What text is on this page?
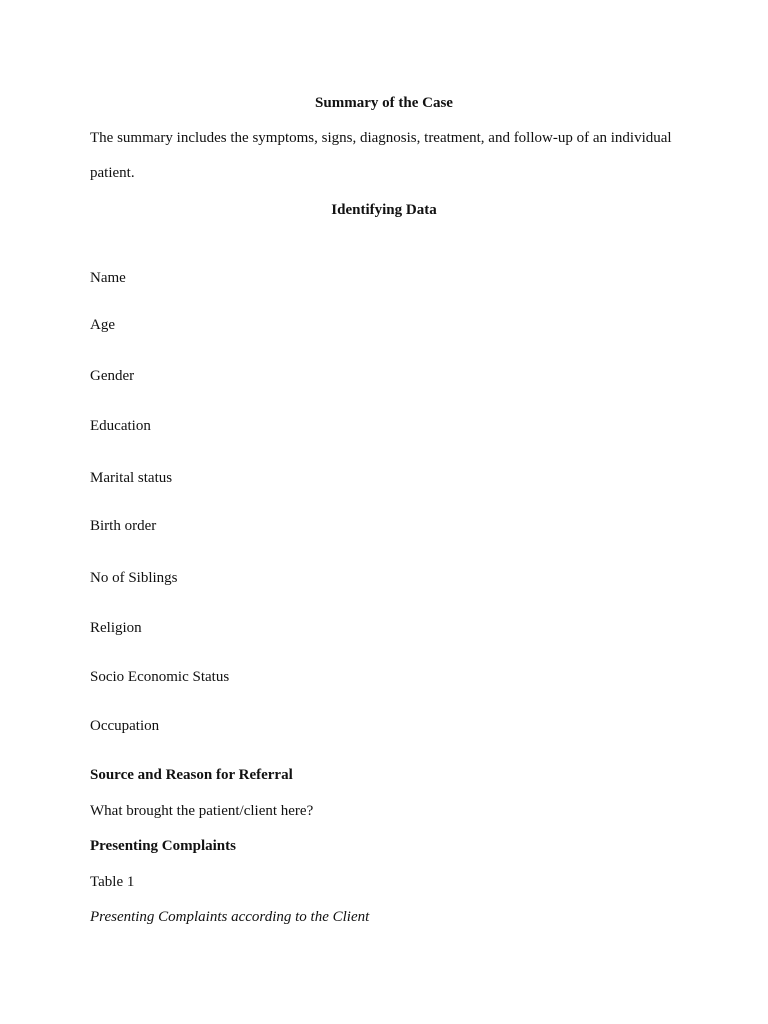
Summary of the Case
The summary includes the symptoms, signs, diagnosis, treatment, and follow-up of an individual
patient.
Identifying Data
Name
Age
Gender
Education
Marital status
Birth order
No of Siblings
Religion
Socio Economic Status
Occupation
Source and Reason for Referral
What brought the patient/client here?
Presenting Complaints
Table 1
Presenting Complaints according to the Client
